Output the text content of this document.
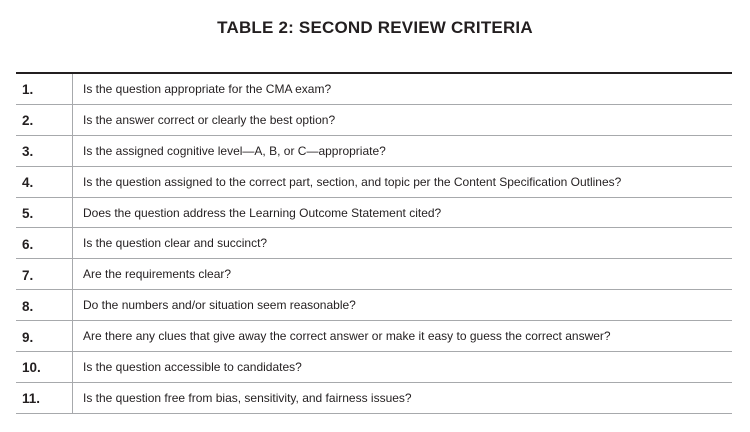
TABLE 2: SECOND REVIEW CRITERIA
1.	Is the question appropriate for the CMA exam?
2.	Is the answer correct or clearly the best option?
3.	Is the assigned cognitive level—A, B, or C—appropriate?
4.	Is the question assigned to the correct part, section, and topic per the Content Specification Outlines?
5.	Does the question address the Learning Outcome Statement cited?
6.	Is the question clear and succinct?
7.	Are the requirements clear?
8.	Do the numbers and/or situation seem reasonable?
9.	Are there any clues that give away the correct answer or make it easy to guess the correct answer?
10.	Is the question accessible to candidates?
11.	Is the question free from bias, sensitivity, and fairness issues?
